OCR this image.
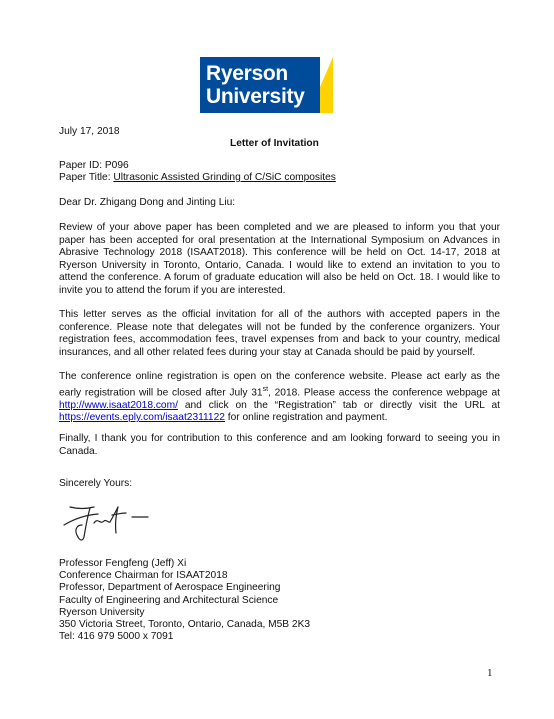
Ryerson
University
July 17, 2018
Letter of Invitation
Paper ID: P096
Paper Title: Ultrasonic Assisted Grinding of C/SiC composites
Dear Dr. Zhigang Dong and Jinting Liu:
Review of your above paper has been completed and we are pleased to inform you that your
paper has been accepted for oral presentation at the International Symposium on Advances in
Abrasive Technology 2018 (ISAAT2018). This conference will be held on Oct. 14-17, 2018 at
Ryerson University in Toronto, Ontario, Canada. I would like to extend an invitation to you to
attend the conference. A forum of graduate education will also be held on Oct. 18. I would like to
invite you to attend the forum if you are interested.
This letter serves as the official invitation for all of the authors with accepted papers in the
conference. Please note that delegates will not be funded by the conference organizers. Your
registration fees, accommodation fees, travel expenses from and back to your country, medical
insurances, and all other related fees during your stay at Canada should be paid by yourself.
The conference online registration is open on the conference website. Please act early as the
early registration will be closed after July 31st, 2018. Please access the conference webpage at
http://www.isaat2018.com/ and click on the “Registration” tab or directly visit the URL at
https://events.eply.com/isaat2311122 for online registration and payment.
Finally, I thank you for contribution to this conference and am looking forward to seeing you in
Canada.
Sincerely Yours:
Professor Fengfeng (Jeff) Xi
Conference Chairman for ISAAT2018
Professor, Department of Aerospace Engineering
Faculty of Engineering and Architectural Science
Ryerson University
350 Victoria Street, Toronto, Ontario, Canada, M5B 2K3
Tel: 416 979 5000 x 7091
1
